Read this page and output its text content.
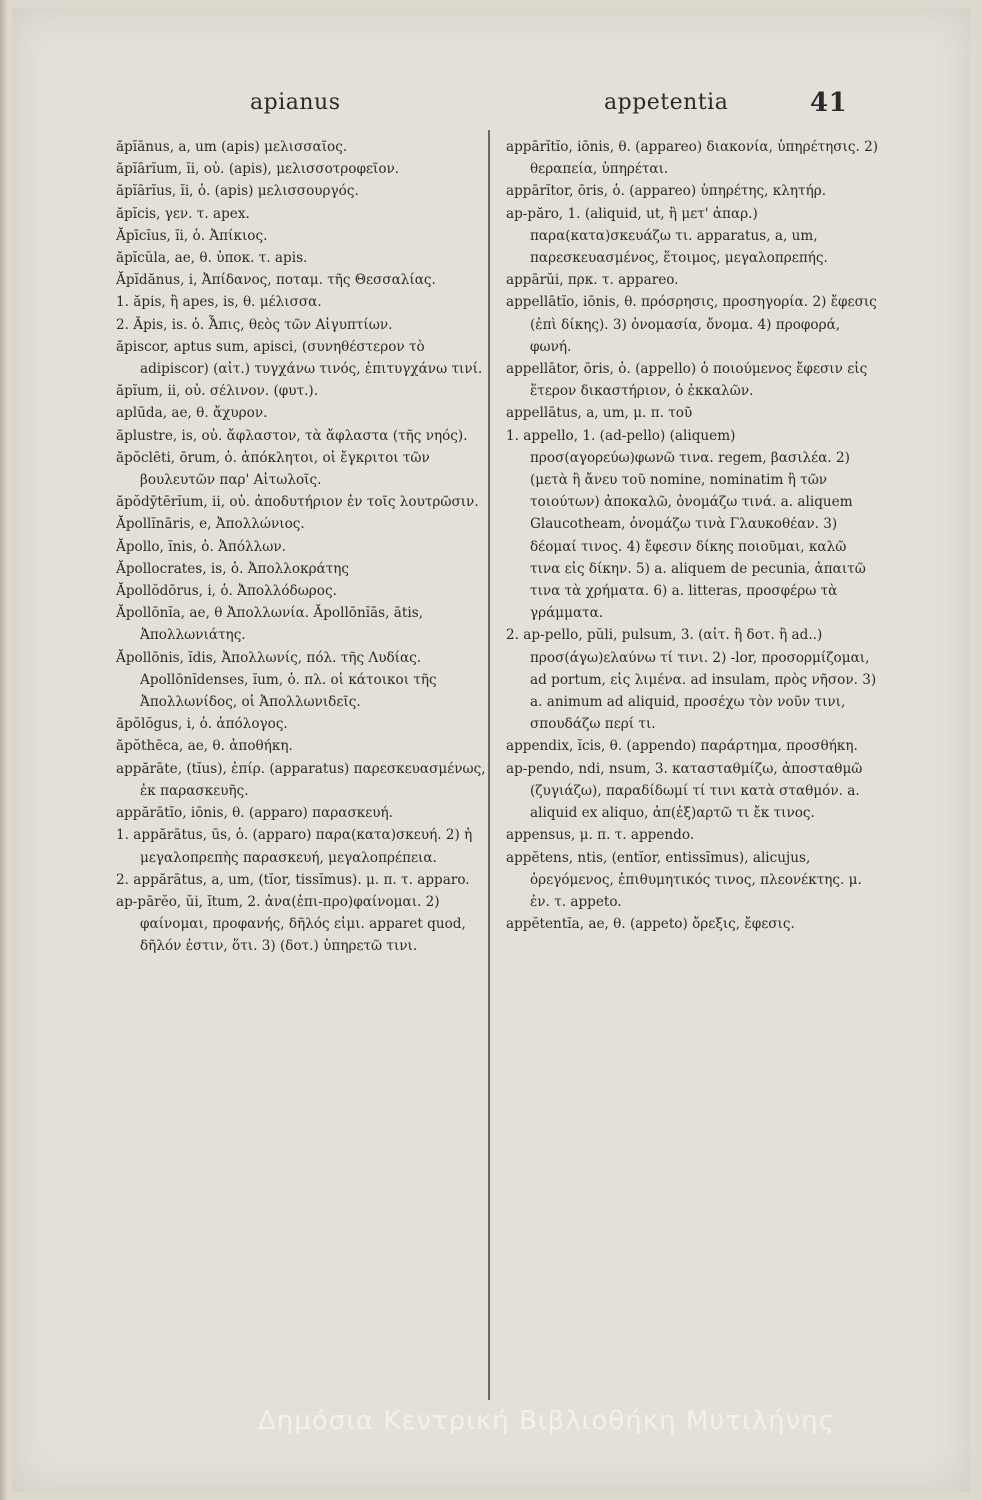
apianus	appetentia	41

ăpĭānus, a, um (apis) μελισσαῖος.

ăpĭārĭum, ĭi, οὐ. (apis), μελισσοτροφεῖον.

ăpĭārĭus, ĭi, ὁ. (apis) μελισσουργός.

ăpĭcis, γεν. τ. apex.

Ăpīcĭus, ĭi, ὁ. Ἀπίκιος.

ăpĭcŭla, ae, θ. ὑποκ. τ. apis.

Ăpĭdănus, i, Ἀπίδανος, ποταμ. τῆς Θεσσαλίας.

1. ăpis, ἢ apes, is, θ. μέλισσα.

2. Āpis, is. ὁ. Ἆπις, θεὸς τῶν Αἰγυπτίων.

ăpiscor, aptus sum, apisci, (συνηθέστερον τὸ adipiscor) (αἰτ.) τυγχάνω τινός, ἐπιτυγχάνω τινί.

ăpĭum, ii, οὐ. σέλινον. (φυτ.).

aplūda, ae, θ. ἄχυρον.

ăplustre, is, οὐ. ἄφλαστον, τὰ ἄφλαστα (τῆς νηός).

ăpŏclēti, ōrum, ὁ. ἀπόκλητοι, οἱ ἔγκριτοι τῶν βουλευτῶν παρ' Αἰτωλοῖς.

ăpŏdȳtērĭum, ii, οὐ. ἀποδυτήριον ἐν τοῖς λουτρῶσιν.

Ăpollĭnāris, e, Ἀπολλώνιος.

Ăpollo, ĭnis, ὁ. Ἀπόλλων.

Ăpollocrates, is, ὁ. Ἀπολλοκράτης

Ăpollŏdōrus, i, ὁ. Ἀπολλόδωρος.

Ăpollōnĭa, ae, θ Ἀπολλωνία. Ăpollōnĭās, ātis, Ἀπολλωνιάτης.

Ăpollōnis, ĭdis, Ἀπολλωνίς, πόλ. τῆς Λυδίας. Apollōnĭdenses, ĭum, ὁ. πλ. οἱ κάτοικοι τῆς Ἀπολλωνίδος, οἱ Ἀπολλωνιδεῖς.

ăpŏlŏgus, i, ὁ. ἀπόλογος.

ăpŏthēca, ae, θ. ἀποθήκη.

appărāte, (tĭus), ἐπίρ. (apparatus) παρεσκευασμένως, ἐκ παρασκευῆς.

appărātĭo, iōnis, θ. (apparo) παρασκευή.

1. appărātus, ūs, ὁ. (apparo) παρα(κατα)σκευή. 2) ἡ μεγαλοπρεπὴς παρασκευή, μεγαλοπρέπεια.

2. appărātus, a, um, (tĭor, tissĭmus). μ. π. τ. apparo.

ap-pārĕo, ŭi, ĭtum, 2. ἀνα(ἐπι-προ)φαίνομαι. 2) φαίνομαι, προφανής, δῆλός εἰμι. apparet quod, δῆλόν ἐστιν, ὅτι. 3) (δοτ.) ὑπηρετῶ τινι.

appārĭtĭo, iōnis, θ. (appareo) διακονία, ὑπηρέτησις. 2) θεραπεία, ὑπηρέται.

appārĭtor, ōris, ὁ. (appareo) ὑπηρέτης, κλητήρ.

ap-păro, 1. (aliquid, ut, ἢ μετ' ἀπαρ.) παρα(κατα)σκευάζω τι. apparatus, a, um, παρεσκευασμένος, ἕτοιμος, μεγαλοπρεπής.

appārŭi, πρκ. τ. appareo.

appellātĭo, iōnis, θ. πρόσρησις, προσηγορία. 2) ἔφεσις (ἐπὶ δίκης). 3) ὀνομασία, ὄνομα. 4) προφορά, φωνή.

appellātor, ōris, ὁ. (appello) ὁ ποιούμενος ἔφεσιν εἰς ἕτερον δικαστήριον, ὁ ἐκκαλῶν.

appellātus, a, um, μ. π. τοῦ

1. appello, 1. (ad-pello) (aliquem) προσ(αγορεύω)φωνῶ τινα. regem, βασιλέα. 2) (μετὰ ἢ ἄνευ τοῦ nomine, nominatim ἢ τῶν τοιούτων) ἀποκαλῶ, ὀνομάζω τινά. a. aliquem Glaucotheam, ὀνομάζω τινὰ Γλαυκοθέαν. 3) δέομαί τινος. 4) ἔφεσιν δίκης ποιοῦμαι, καλῶ τινα εἰς δίκην. 5) a. aliquem de pecunia, ἀπαιτῶ τινα τὰ χρήματα. 6) a. litteras, προσφέρω τὰ γράμματα.

2. ap-pello, pŭli, pulsum, 3. (αἰτ. ἢ δοτ. ἢ ad..) προσ(άγω)ελαύνω τί τινι. 2) -lor, προσορμίζομαι, ad portum, εἰς λιμένα. ad insulam, πρὸς νῆσον. 3) a. animum ad aliquid, προσέχω τὸν νοῦν τινι, σπουδάζω περί τι.

appendix, ĭcis, θ. (appendo) παράρτημα, προσθήκη.

ap-pendo, ndi, nsum, 3. κατασταθμίζω, ἀποσταθμῶ (ζυγιάζω), παραδίδωμί τί τινι κατὰ σταθμόν. a. aliquid ex aliquo, ἀπ(ἐξ)αρτῶ τι ἔκ τινος.

appensus, μ. π. τ. appendo.

appĕtens, ntis, (entĭor, entissĭmus), alicujus, ὀρεγόμενος, ἐπιθυμητικός τινος, πλεονέκτης. μ. ἐν. τ. appeto.

appĕtentĭa, ae, θ. (appeto) ὄρεξις, ἔφεσις.

Δημόσια Κεντρική Βιβλιοθήκη Μυτιλήνης
